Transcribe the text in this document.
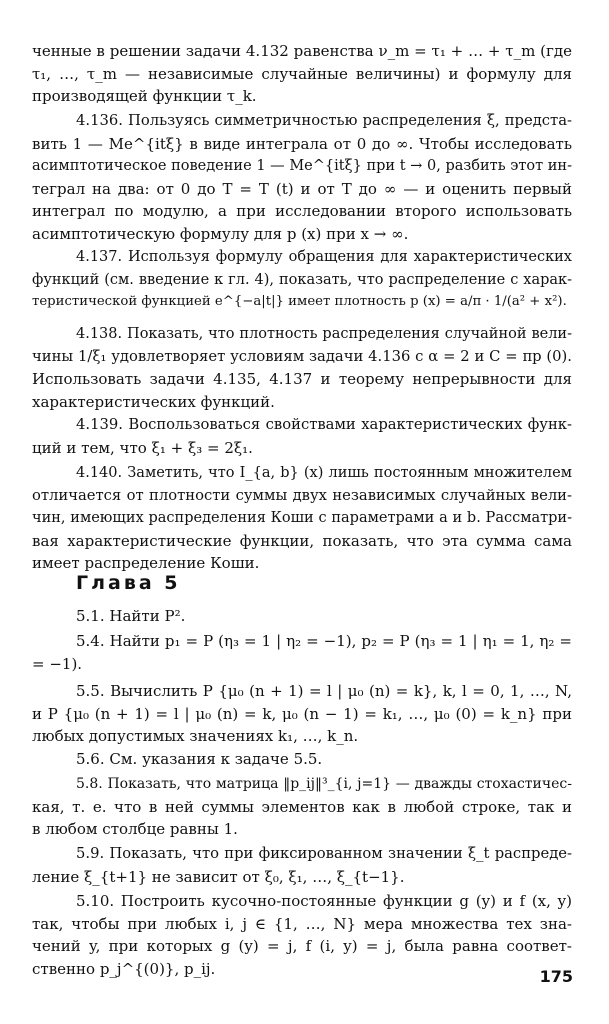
ченные в решении задачи 4.132 равенства ν_m = τ₁ + … + τ_m (где
τ₁, …, τ_m — независимые случайные величины) и формулу для
производящей функции τ_k.
4.136. Пользуясь симметричностью распределения ξ, предста-
вить 1 — Me^{itξ} в виде интеграла от 0 до ∞. Чтобы исследовать
асимптотическое поведение 1 — Me^{itξ} при t → 0, разбить этот ин-
теграл на два: от 0 до T = T (t) и от T до ∞ — и оценить первый
интеграл по модулю, а при исследовании второго использовать
асимптотическую формулу для p (x) при x → ∞.
4.137. Используя формулу обращения для характеристических
функций (см. введение к гл. 4), показать, что распределение с харак-
теристической функцией e^{−a|t|} имеет плотность p (x) = a/π · 1/(a² + x²).
4.138. Показать, что плотность распределения случайной вели-
чины 1/ξ₁ удовлетворяет условиям задачи 4.136 с α = 2 и C = πp (0).
Использовать задачи 4.135, 4.137 и теорему непрерывности для
характеристических функций.
4.139. Воспользоваться свойствами характеристических функ-
ций и тем, что ξ₁ + ξ₃ = 2ξ₁.
4.140. Заметить, что I_{a, b} (x) лишь постоянным множителем
отличается от плотности суммы двух независимых случайных вели-
чин, имеющих распределения Коши с параметрами a и b. Рассматри-
вая характеристические функции, показать, что эта сумма сама
имеет распределение Коши.

Глава 5

5.1. Найти P².
5.4. Найти p₁ = P (η₃ = 1 | η₂ = −1), p₂ = P (η₃ = 1 | η₁ = 1, η₂ =
= −1).
5.5. Вычислить P {μ₀ (n + 1) = l | μ₀ (n) = k}, k, l = 0, 1, …, N,
и P {μ₀ (n + 1) = l | μ₀ (n) = k, μ₀ (n − 1) = k₁, …, μ₀ (0) = k_n} при
любых допустимых значениях k₁, …, k_n.
5.6. См. указания к задаче 5.5.
5.8. Показать, что матрица ‖p_ij‖³_{i, j=1} — дважды стохастичес-
кая, т. е. что в ней суммы элементов как в любой строке, так и
в любом столбце равны 1.
5.9. Показать, что при фиксированном значении ξ_t распреде-
ление ξ_{t+1} не зависит от ξ₀, ξ₁, …, ξ_{t−1}.
5.10. Построить кусочно-постоянные функции g (y) и f (x, y)
так, чтобы при любых i, j ∈ {1, …, N} мера множества тех зна-
чений y, при которых g (y) = j, f (i, y) = j, была равна соответ-
ственно p_j^{(0)}, p_ij.	175
